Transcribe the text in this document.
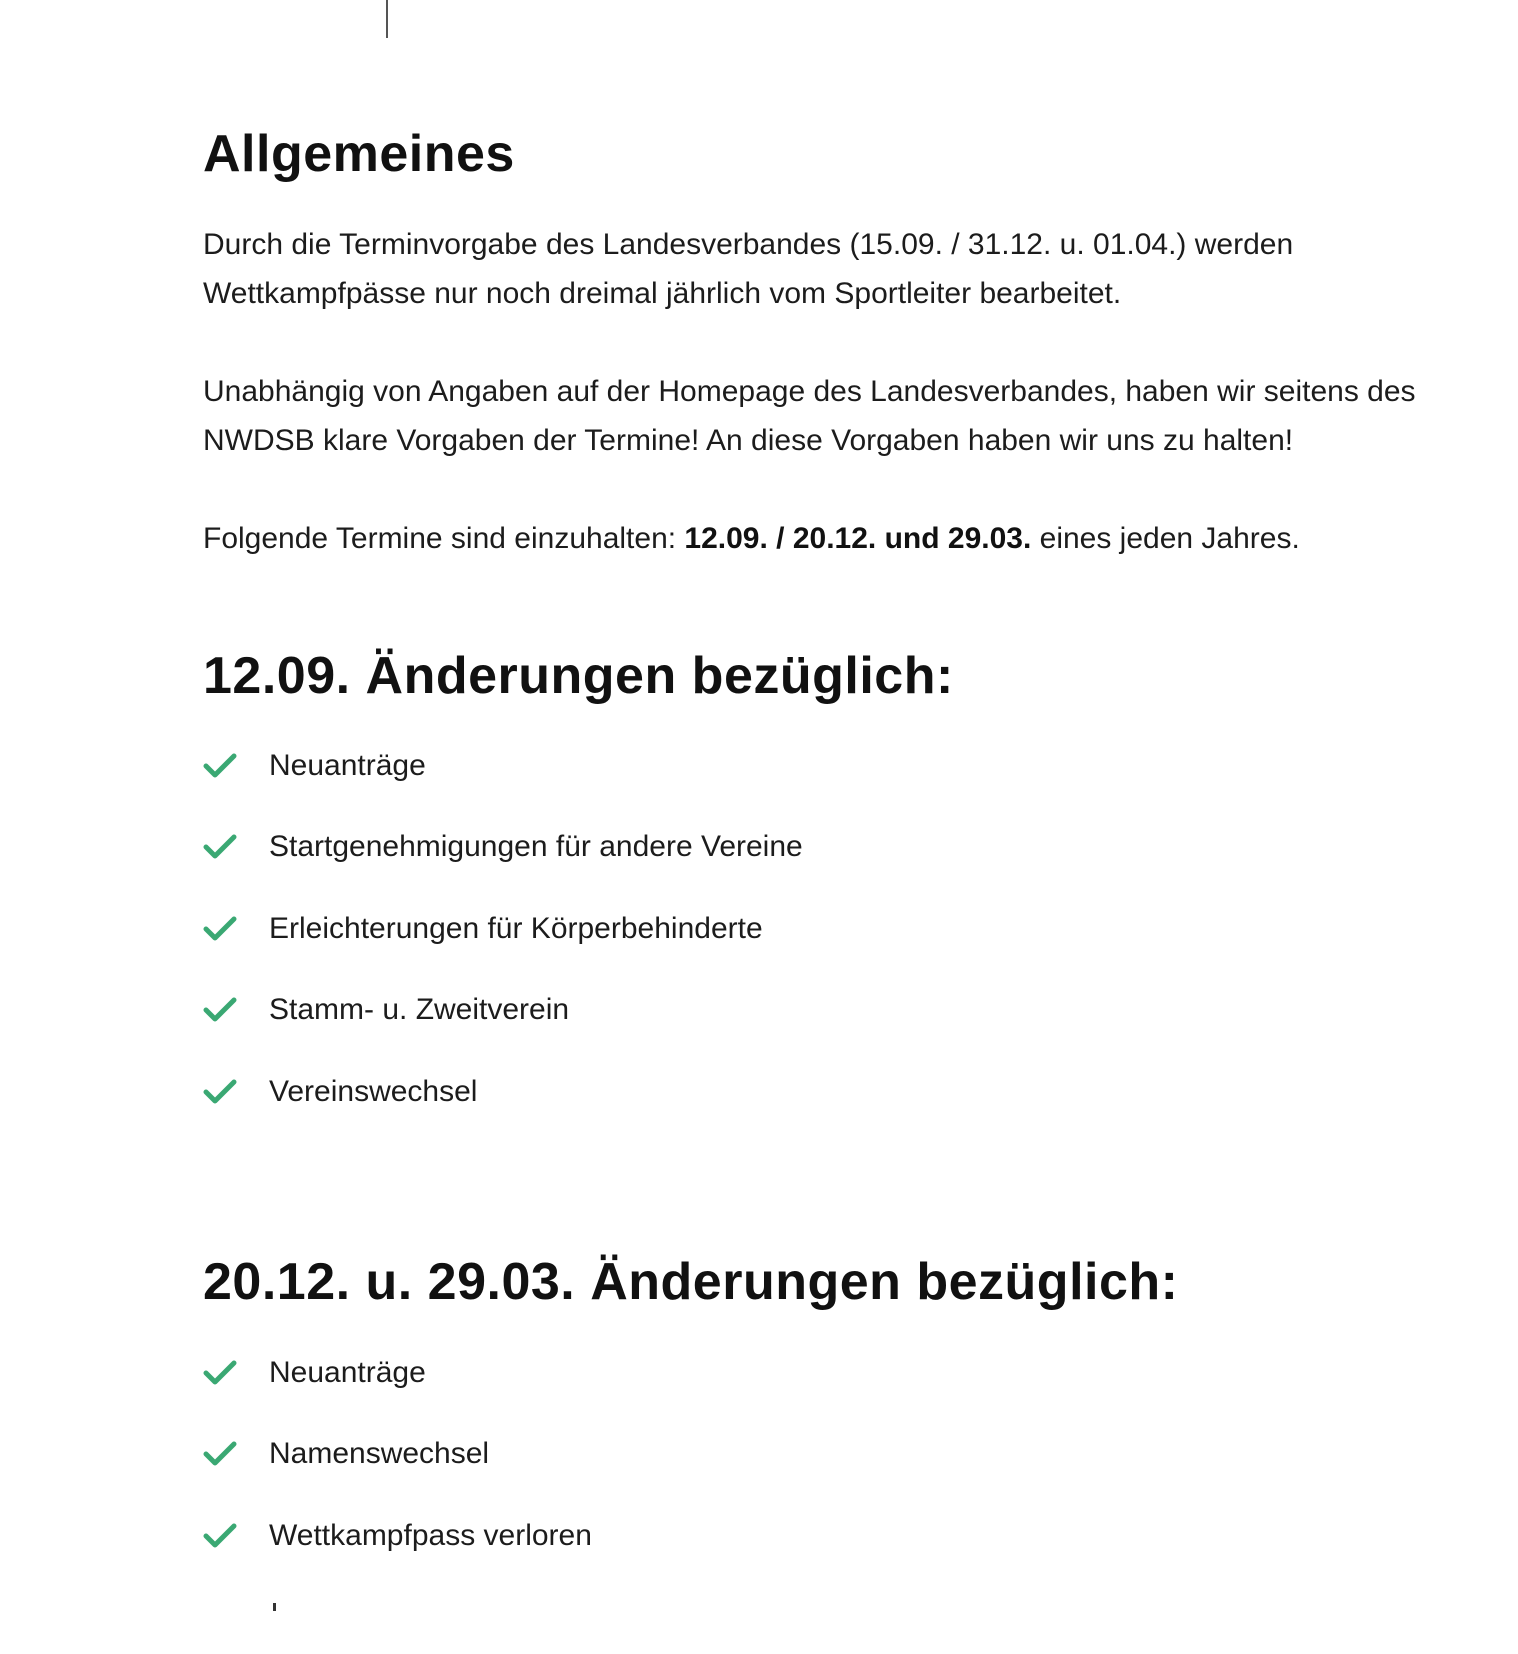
Allgemeines

Durch die Terminvorgabe des Landesverbandes (15.09. / 31.12. u. 01.04.) werden Wettkampfpässe nur noch dreimal jährlich vom Sportleiter bearbeitet.

Unabhängig von Angaben auf der Homepage des Landesverbandes, haben wir seitens des NWDSB klare Vorgaben der Termine! An diese Vorgaben haben wir uns zu halten!

Folgende Termine sind einzuhalten: 12.09. / 20.12. und 29.03. eines jeden Jahres.

12.09. Änderungen bezüglich:
Neuanträge
Startgenehmigungen für andere Vereine
Erleichterungen für Körperbehinderte
Stamm- u. Zweitverein
Vereinswechsel
20.12. u. 29.03. Änderungen bezüglich:
Neuanträge
Namenswechsel
Wettkampfpass verloren
